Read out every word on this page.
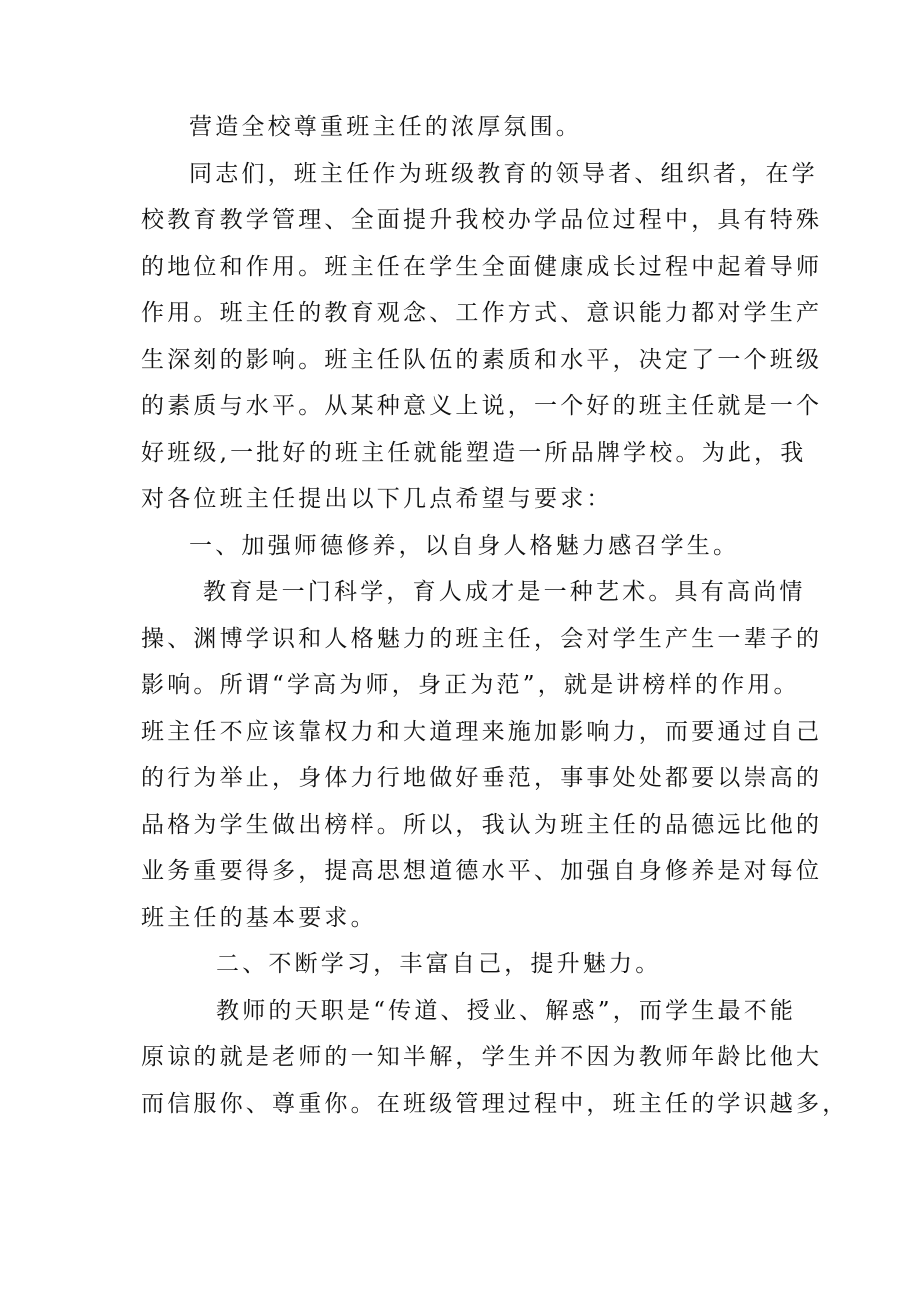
营造全校尊重班主任的浓厚氛围。
同志们，班主任作为班级教育的领导者、组织者，在学
校教育教学管理、全面提升我校办学品位过程中，具有特殊
的地位和作用。班主任在学生全面健康成长过程中起着导师
作用。班主任的教育观念、工作方式、意识能力都对学生产
生深刻的影响。班主任队伍的素质和水平，决定了一个班级
的素质与水平。从某种意义上说，一个好的班主任就是一个
好班级,一批好的班主任就能塑造一所品牌学校。为此，我
对各位班主任提出以下几点希望与要求：
一、加强师德修养，以自身人格魅力感召学生。
教育是一门科学，育人成才是一种艺术。具有高尚情
操、渊博学识和人格魅力的班主任，会对学生产生一辈子的
影响。所谓“学高为师，身正为范”，就是讲榜样的作用。
班主任不应该靠权力和大道理来施加影响力，而要通过自己
的行为举止，身体力行地做好垂范，事事处处都要以崇高的
品格为学生做出榜样。所以，我认为班主任的品德远比他的
业务重要得多，提高思想道德水平、加强自身修养是对每位
班主任的基本要求。
二、不断学习，丰富自己，提升魅力。
教师的天职是“传道、授业、解惑”，而学生最不能
原谅的就是老师的一知半解，学生并不因为教师年龄比他大
而信服你、尊重你。在班级管理过程中，班主任的学识越多，
